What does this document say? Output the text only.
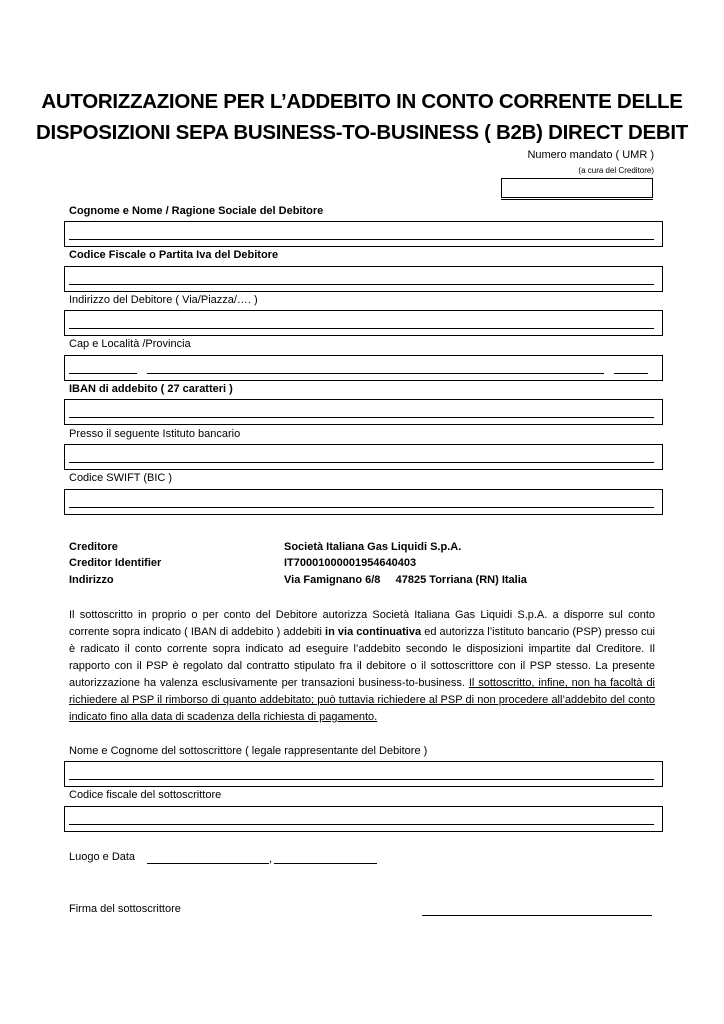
AUTORIZZAZIONE PER L’ADDEBITO IN CONTO CORRENTE DELLE
DISPOSIZIONI SEPA BUSINESS-TO-BUSINESS ( B2B) DIRECT DEBIT
Numero mandato ( UMR )
(a cura del Creditore)
Cognome e Nome / Ragione Sociale del Debitore
Codice Fiscale o Partita Iva del Debitore
Indirizzo del Debitore ( Via/Piazza/…. )
Cap e Località /Provincia
IBAN di addebito ( 27 caratteri )
Presso il seguente Istituto bancario
Codice SWIFT (BIC )
Creditore	Società Italiana Gas Liquidi S.p.A.
Creditor Identifier	IT70001000001954640403
Indirizzo	Via Famignano 6/8     47825 Torriana (RN) Italia
Il sottoscritto in proprio o per conto del Debitore autorizza Società Italiana Gas Liquidi S.p.A. a disporre sul conto corrente sopra indicato ( IBAN di addebito ) addebiti in via continuativa ed autorizza l’istituto bancario (PSP) presso cui è radicato il conto corrente sopra indicato ad eseguire l’addebito secondo le disposizioni impartite dal Creditore. Il rapporto con il PSP è regolato dal contratto stipulato fra il debitore o il sottoscrittore con il PSP stesso. La presente autorizzazione ha valenza esclusivamente per transazioni business-to-business. Il sottoscritto, infine, non ha facoltà di richiedere al PSP il rimborso di quanto addebitato; può tuttavia richiedere al PSP di non procedere all’addebito del conto indicato fino alla data di scadenza della richiesta di pagamento.
Nome e Cognome del sottoscrittore ( legale rappresentante del Debitore )
Codice fiscale del sottoscrittore
Luogo e Data	,
Firma del sottoscrittore
